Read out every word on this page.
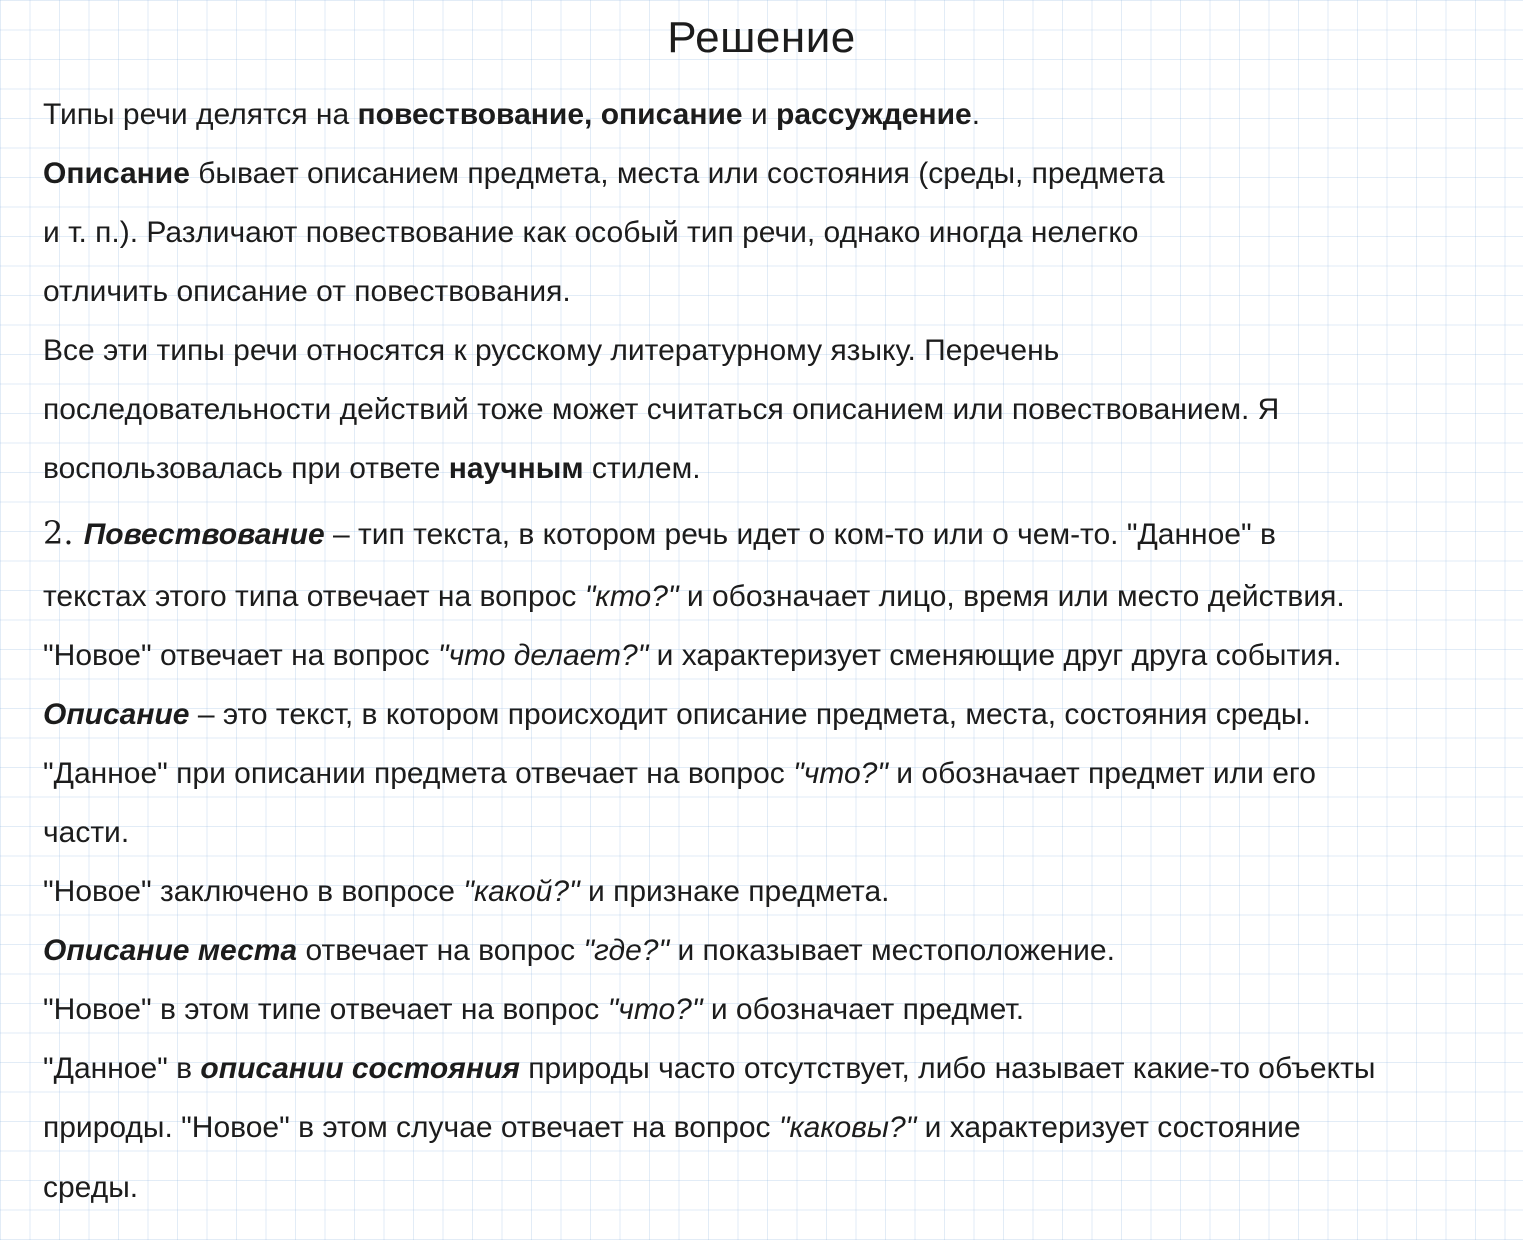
Решение
Типы речи делятся на повествование, описание и рассуждение.
Описание бывает описанием предмета, места или состояния (среды, предмета
и т. п.). Различают повествование как особый тип речи, однако иногда нелегко
отличить описание от повествования.
Все эти типы речи относятся к русскому литературному языку. Перечень
последовательности действий тоже может считаться описанием или повествованием. Я
воспользовалась при ответе научным стилем.
2. Повествование – тип текста, в котором речь идет о ком-то или о чем-то. "Данное" в
текстах этого типа отвечает на вопрос "кто?" и обозначает лицо, время или место действия.
"Новое" отвечает на вопрос "что делает?" и характеризует сменяющие друг друга события.
Описание – это текст, в котором происходит описание предмета, места, состояния среды.
"Данное" при описании предмета отвечает на вопрос "что?" и обозначает предмет или его
части.
"Новое" заключено в вопросе "какой?" и признаке предмета.
Описание места отвечает на вопрос "где?" и показывает местоположение.
"Новое" в этом типе отвечает на вопрос "что?" и обозначает предмет.
"Данное" в описании состояния природы часто отсутствует, либо называет какие-то объекты
природы. "Новое" в этом случае отвечает на вопрос "каковы?" и характеризует состояние
среды.
